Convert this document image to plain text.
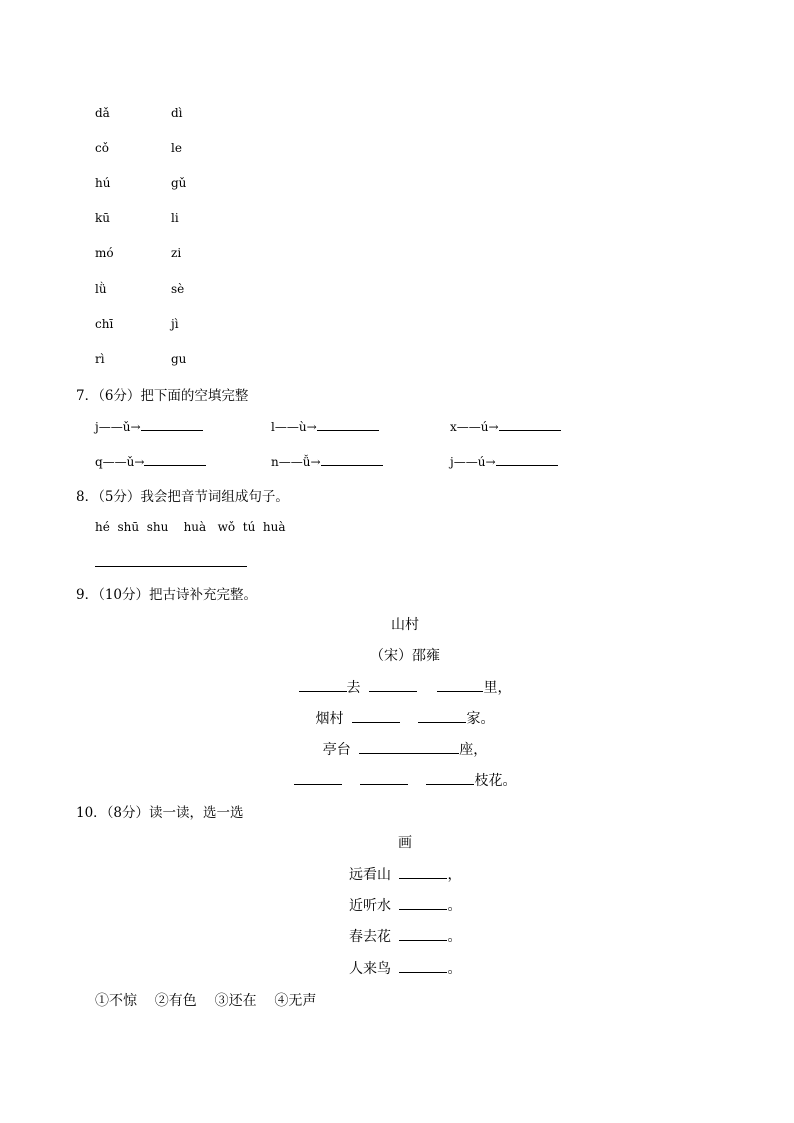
dǎ	dì
cǒ	le
hú	gǔ
kū	li
mó	zi
lǜ	sè
chī	jì
rì	gu
7．（6分）把下面的空填完整
j——ǔ→	l——ù→	x——ú→
q——ǔ→	n——ǚ→	j——ú→
8．（5分）我会把音节词组成句子。
hé  shū  shu    huà   wǒ  tú  huà
9．（10分）把古诗补充完整。
山村
（宋）邵雍
去	里，
烟村	家。
亭台	座，
枝花。
10．（8分）读一读，选一选
画
远看山	，
近听水	。
春去花	。
人来鸟	。
①不惊    ②有色    ③还在    ④无声
